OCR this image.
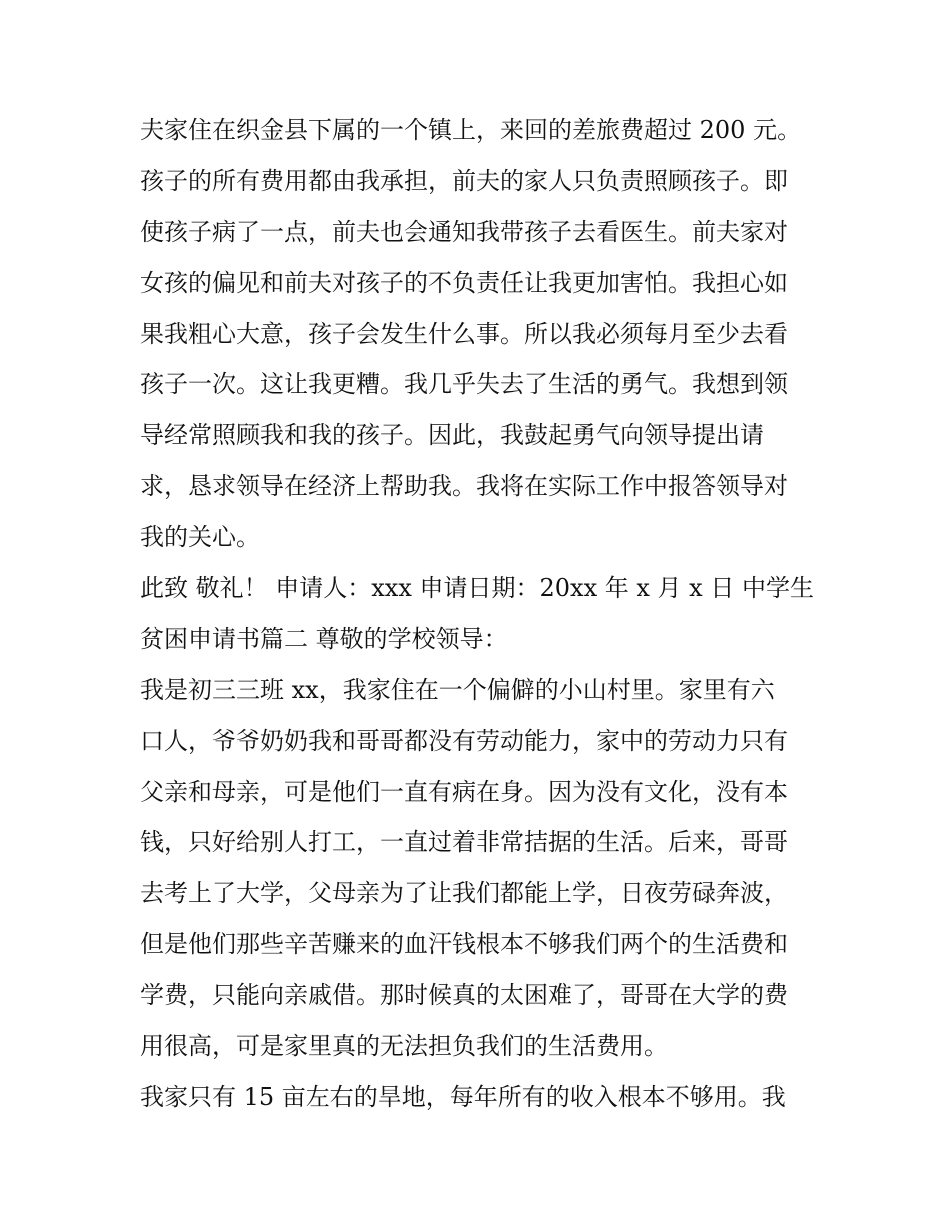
夫家住在织金县下属的一个镇上，来回的差旅费超过 200 元。
孩子的所有费用都由我承担，前夫的家人只负责照顾孩子。即
使孩子病了一点，前夫也会通知我带孩子去看医生。前夫家对
女孩的偏见和前夫对孩子的不负责任让我更加害怕。我担心如
果我粗心大意，孩子会发生什么事。所以我必须每月至少去看
孩子一次。这让我更糟。我几乎失去了生活的勇气。我想到领
导经常照顾我和我的孩子。因此，我鼓起勇气向领导提出请
求，恳求领导在经济上帮助我。我将在实际工作中报答领导对
我的关心。
此致 敬礼！ 申请人：xxx 申请日期：20xx 年 x 月 x 日 中学生
贫困申请书篇二 尊敬的学校领导：
我是初三三班 xx，我家住在一个偏僻的小山村里。家里有六
口人，爷爷奶奶我和哥哥都没有劳动能力，家中的劳动力只有
父亲和母亲，可是他们一直有病在身。因为没有文化，没有本
钱，只好给别人打工，一直过着非常拮据的生活。后来，哥哥
去考上了大学，父母亲为了让我们都能上学，日夜劳碌奔波，
但是他们那些辛苦赚来的血汗钱根本不够我们两个的生活费和
学费，只能向亲戚借。那时候真的太困难了，哥哥在大学的费
用很高，可是家里真的无法担负我们的生活费用。
我家只有 15 亩左右的旱地，每年所有的收入根本不够用。我
